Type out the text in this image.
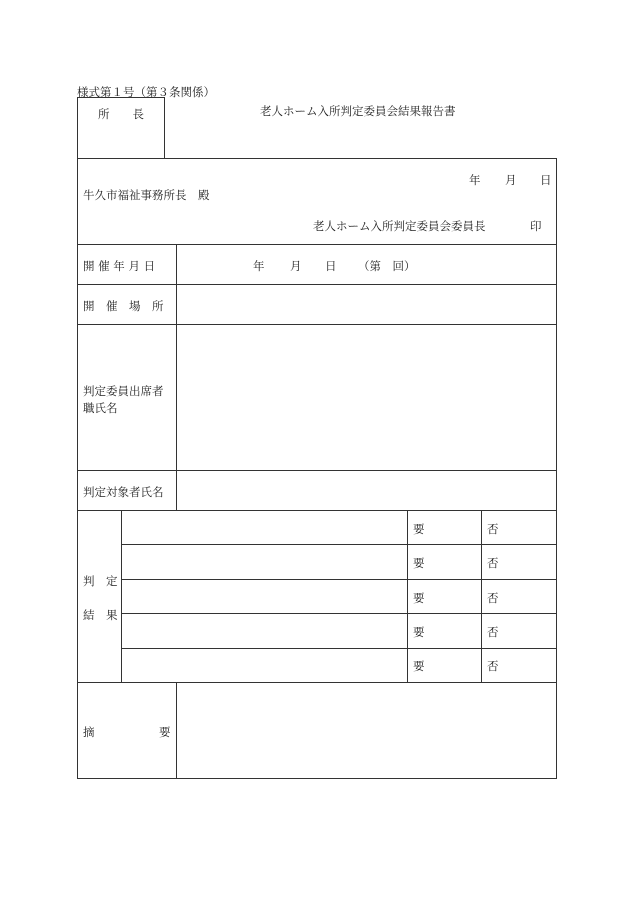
様式第１号（第３条関係）
所　　長	老人ホーム入所判定委員会結果報告書
年 月 日
牛久市福祉事務所長　殿
老人ホーム入所判定委員会委員長	印
開 催 年 月 日	年 月 日 （第　回）
開　催　場　所
判定委員出席者
職氏名
判定対象者氏名
判　定
結　果
要	否
要	否
要	否
要	否
要	否
摘	要
